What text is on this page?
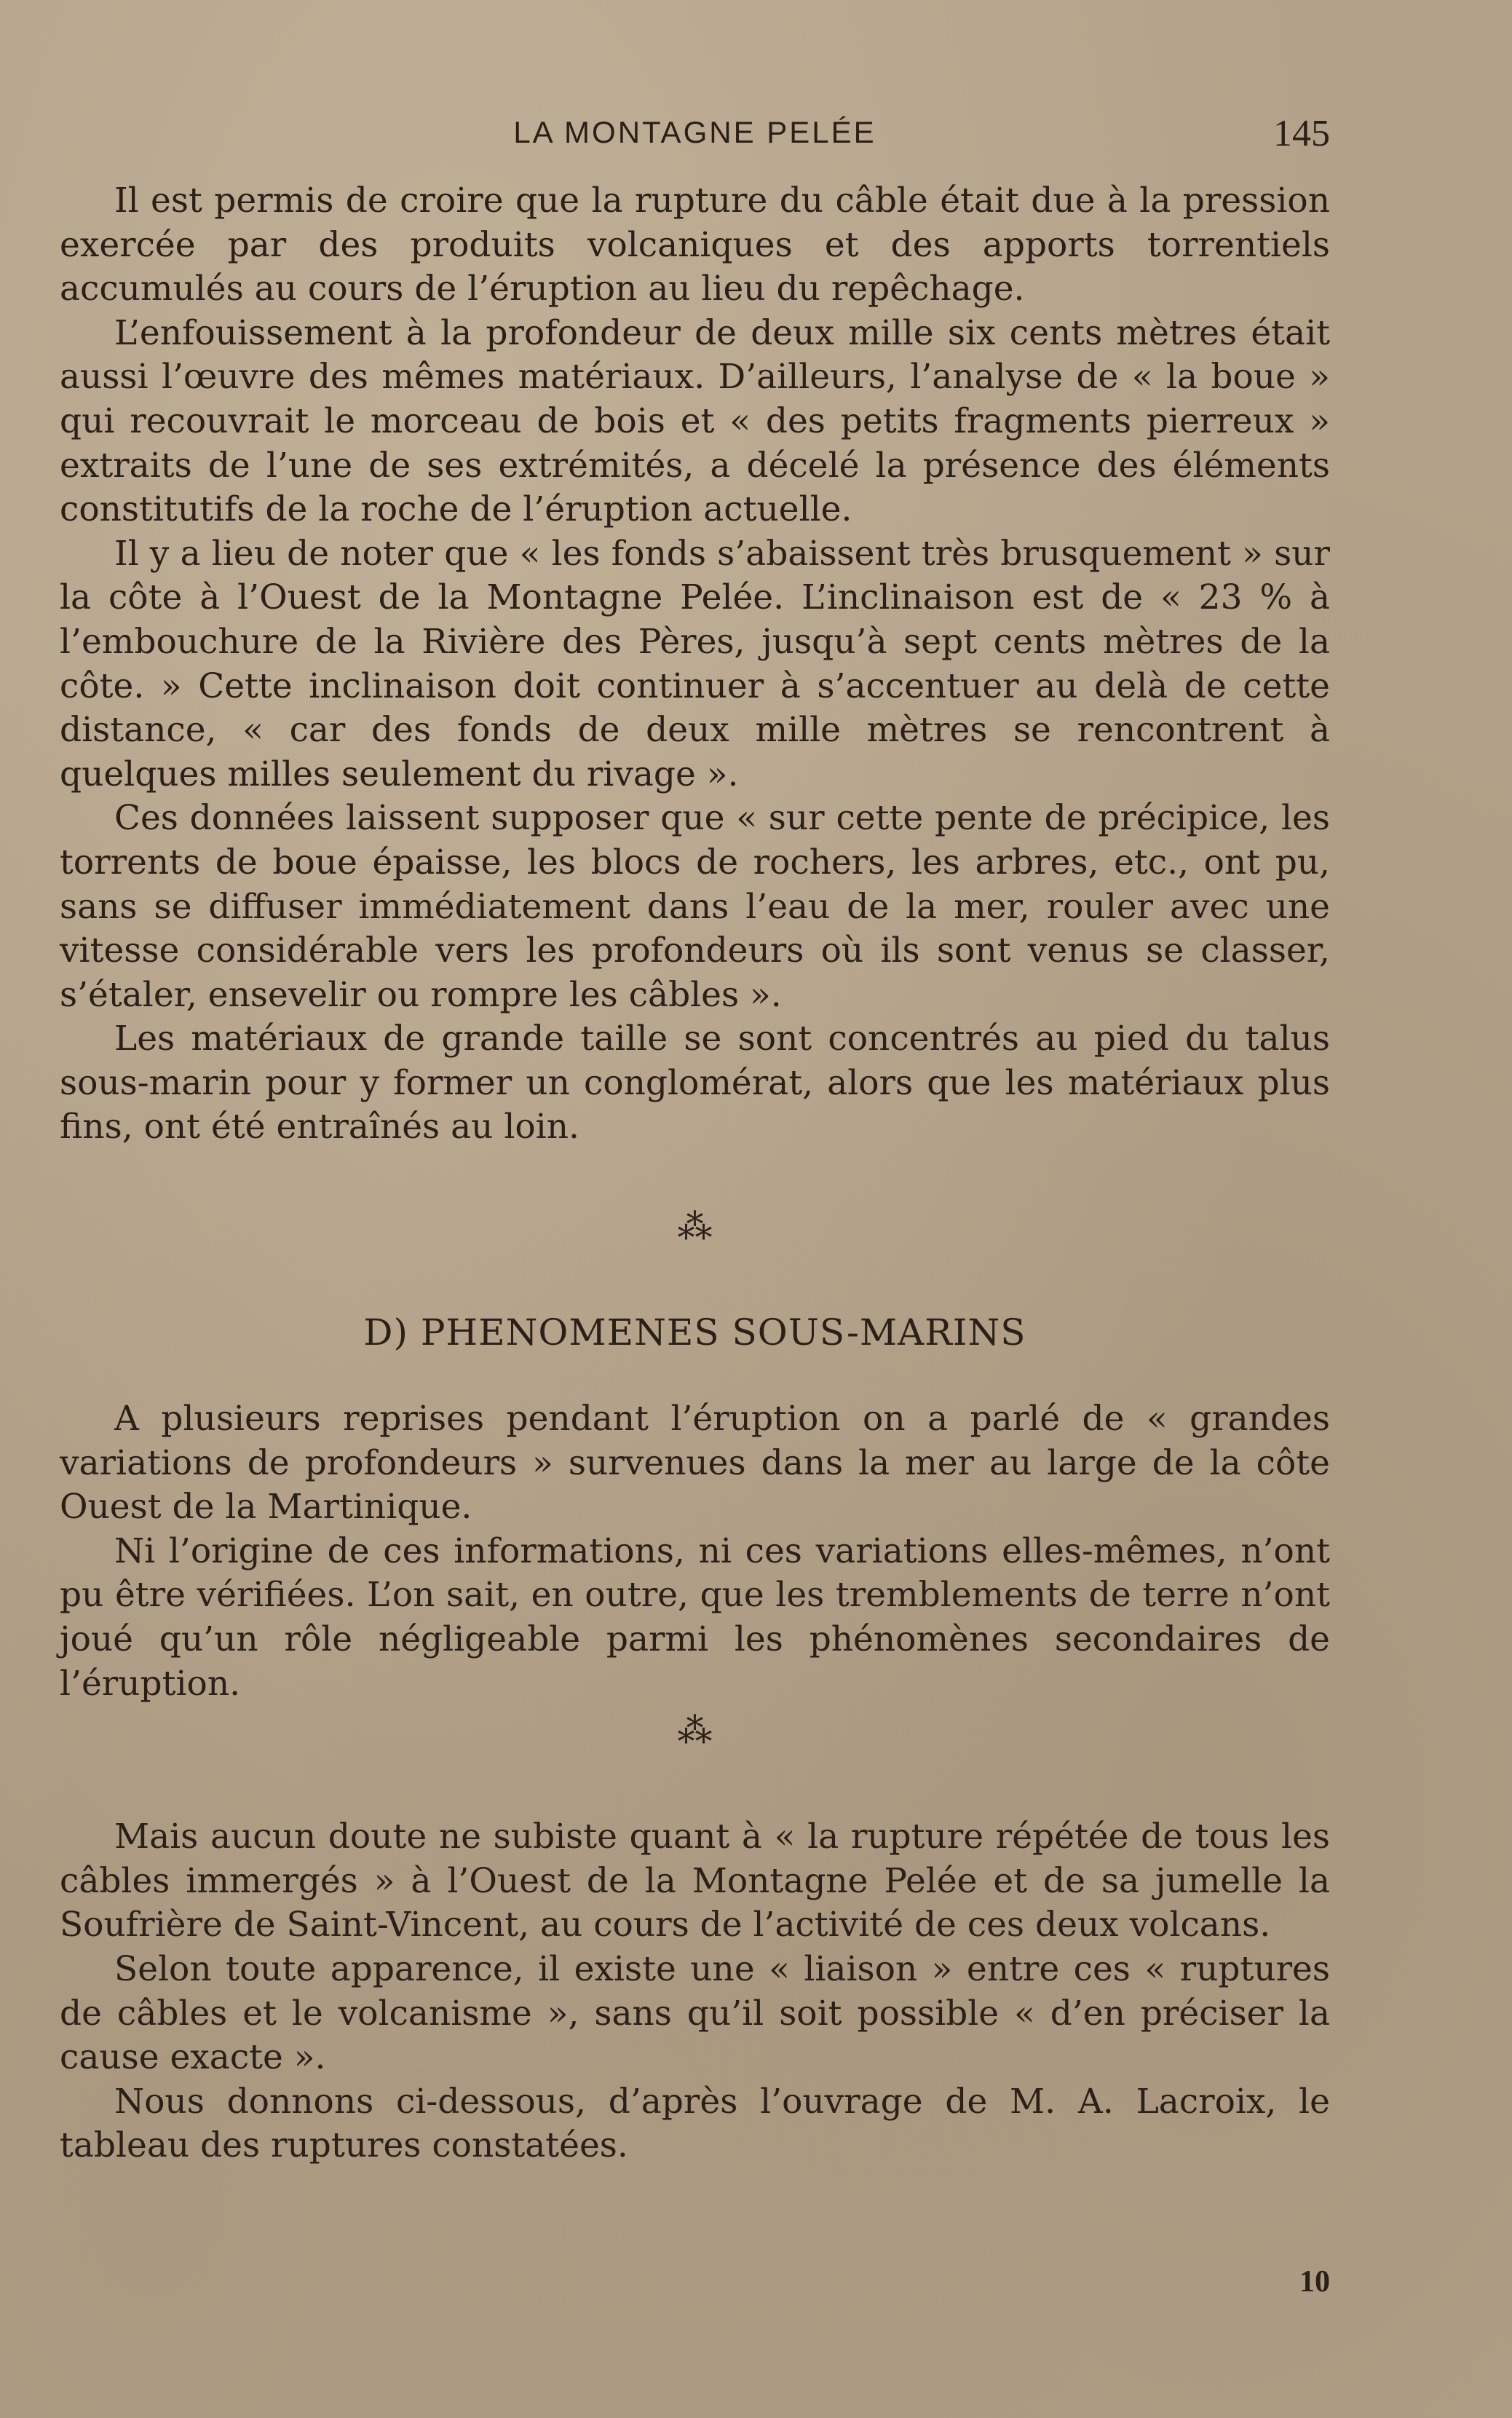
LA MONTAGNE PELÉE	145

Il est permis de croire que la rupture du câble était due à la pression exercée par des produits volcaniques et des apports torrentiels accumulés au cours de l’éruption au lieu du repêchage.

L’enfouissement à la profondeur de deux mille six cents mètres était aussi l’œuvre des mêmes matériaux. D’ailleurs, l’analyse de « la boue » qui recouvrait le morceau de bois et « des petits fragments pierreux » extraits de l’une de ses extrémités, a décelé la présence des éléments constitutifs de la roche de l’éruption actuelle.

Il y a lieu de noter que « les fonds s’abaissent très brusquement » sur la côte à l’Ouest de la Montagne Pelée. L’inclinaison est de « 23 % à l’embouchure de la Rivière des Pères, jusqu’à sept cents mètres de la côte. » Cette inclinaison doit continuer à s’accentuer au delà de cette distance, « car des fonds de deux mille mètres se rencontrent à quelques milles seulement du rivage ».

Ces données laissent supposer que « sur cette pente de précipice, les torrents de boue épaisse, les blocs de rochers, les arbres, etc., ont pu, sans se diffuser immédiatement dans l’eau de la mer, rouler avec une vitesse considérable vers les profondeurs où ils sont venus se classer, s’étaler, ensevelir ou rompre les câbles ».

Les matériaux de grande taille se sont concentrés au pied du talus sous-marin pour y former un conglomérat, alors que les matériaux plus fins, ont été entraînés au loin.

⁂
D) PHENOMENES SOUS-MARINS

A plusieurs reprises pendant l’éruption on a parlé de « grandes variations de profondeurs » survenues dans la mer au large de la côte Ouest de la Martinique.

Ni l’origine de ces informations, ni ces variations elles-mêmes, n’ont pu être vérifiées. L’on sait, en outre, que les tremblements de terre n’ont joué qu’un rôle négligeable parmi les phénomènes secondaires de l’éruption.

⁂

Mais aucun doute ne subiste quant à « la rupture répétée de tous les câbles immergés » à l’Ouest de la Montagne Pelée et de sa jumelle la Soufrière de Saint-Vincent, au cours de l’activité de ces deux volcans.

Selon toute apparence, il existe une « liaison » entre ces « ruptures de câbles et le volcanisme », sans qu’il soit possible « d’en préciser la cause exacte ».

Nous donnons ci-dessous, d’après l’ouvrage de M. A. Lacroix, le tableau des ruptures constatées.

10
